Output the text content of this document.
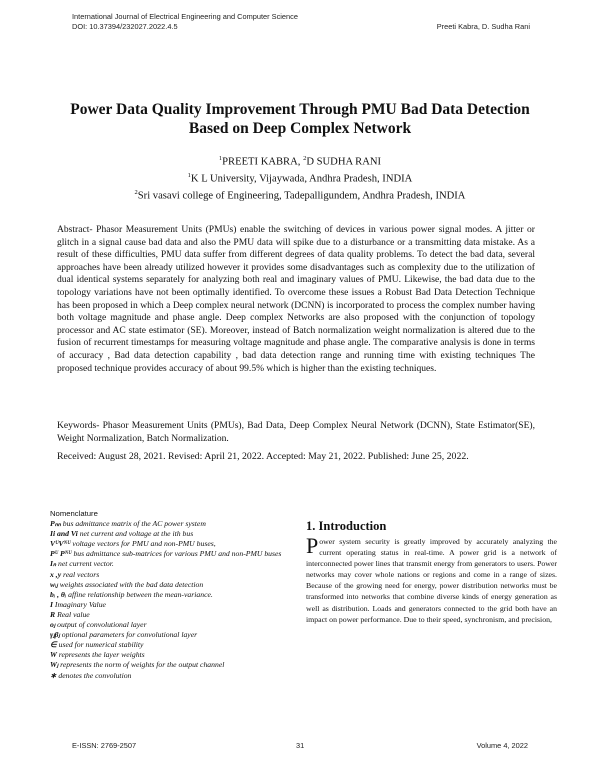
International Journal of Electrical Engineering and Computer Science
DOI: 10.37394/232027.2022.4.5	Preeti Kabra, D. Sudha Rani
Power Data Quality Improvement Through PMU Bad Data Detection
Based on Deep Complex Network
$^1$PREETI KABRA, $^2$D SUDHA RANI
$^1$K L University, Vijaywada, Andhra Pradesh, INDIA
$^2$Sri vasavi college of Engineering, Tadepalligundem, Andhra Pradesh, INDIA
Abstract- Phasor Measurement Units (PMUs) enable the switching of devices in various power signal modes. A jitter or glitch in a signal cause bad data and also the PMU data will spike due to a disturbance or a transmitting data mistake. As a result of these difficulties, PMU data suffer from different degrees of data quality problems. To detect the bad data, several approaches have been already utilized however it provides some disadvantages such as complexity due to the utilization of dual identical systems separately for analyzing both real and imaginary values of PMU. Likewise, the bad data due to the topology variations have not been optimally identified. To overcome these issues a Robust Bad Data Detection Technique has been proposed in which a Deep complex neural network (DCNN) is incorporated to process the complex number having both voltage magnitude and phase angle. Deep complex Networks are also proposed with the conjunction of topology processor and AC state estimator (SE). Moreover, instead of Batch normalization weight normalization is altered due to the fusion of recurrent timestamps for measuring voltage magnitude and phase angle. The comparative analysis is done in terms of accuracy , Bad data detection capability , bad data detection range and running time with existing techniques The proposed technique provides accuracy of about 99.5% which is higher than the existing techniques.
Keywords- Phasor Measurement Units (PMUs), Bad Data, Deep Complex Neural Network (DCNN), State Estimator(SE), Weight Normalization, Batch Normalization.
Received: August 28, 2021. Revised: April 21, 2022. Accepted: May 21, 2022. Published: June 25, 2022.
Nomenclature
Pₙₙ bus admittance matrix of the AC power system
Ii and Vi net current and voltage at the ith bus
VᵁVᴺᵁ voltage vectors for PMU and non-PMU buses,
Pᵁ Pᴺᵁ bus admittance sub-matrices for various PMU and non-PMU buses
Iₙ net current vector.
x ,y real vectors
wᵢⱼ weights associated with the bad data detection
bᵢ , θᵢ affine relationship between the mean-variance.
I Imaginary Value
R Real value
oⱼ output of convolutional layer
γⱼβⱼ optional parameters for convolutional layer
∈ used for numerical stability
W represents the layer weights
Wⱼ represents the norm of weights for the output channel
∗ denotes the convolution
1. Introduction
Power system security is greatly improved by accurately analyzing the current operating status in real-time. A power grid is a network of interconnected power lines that transmit energy from generators to users. Power networks may cover whole nations or regions and come in a range of sizes. Because of the growing need for energy, power distribution networks must be transformed into networks that combine diverse kinds of energy generation as well as distribution. Loads and generators connected to the grid both have an impact on power performance. Due to their speed, synchronism, and precision,
E-ISSN: 2769-2507	31	Volume 4, 2022
